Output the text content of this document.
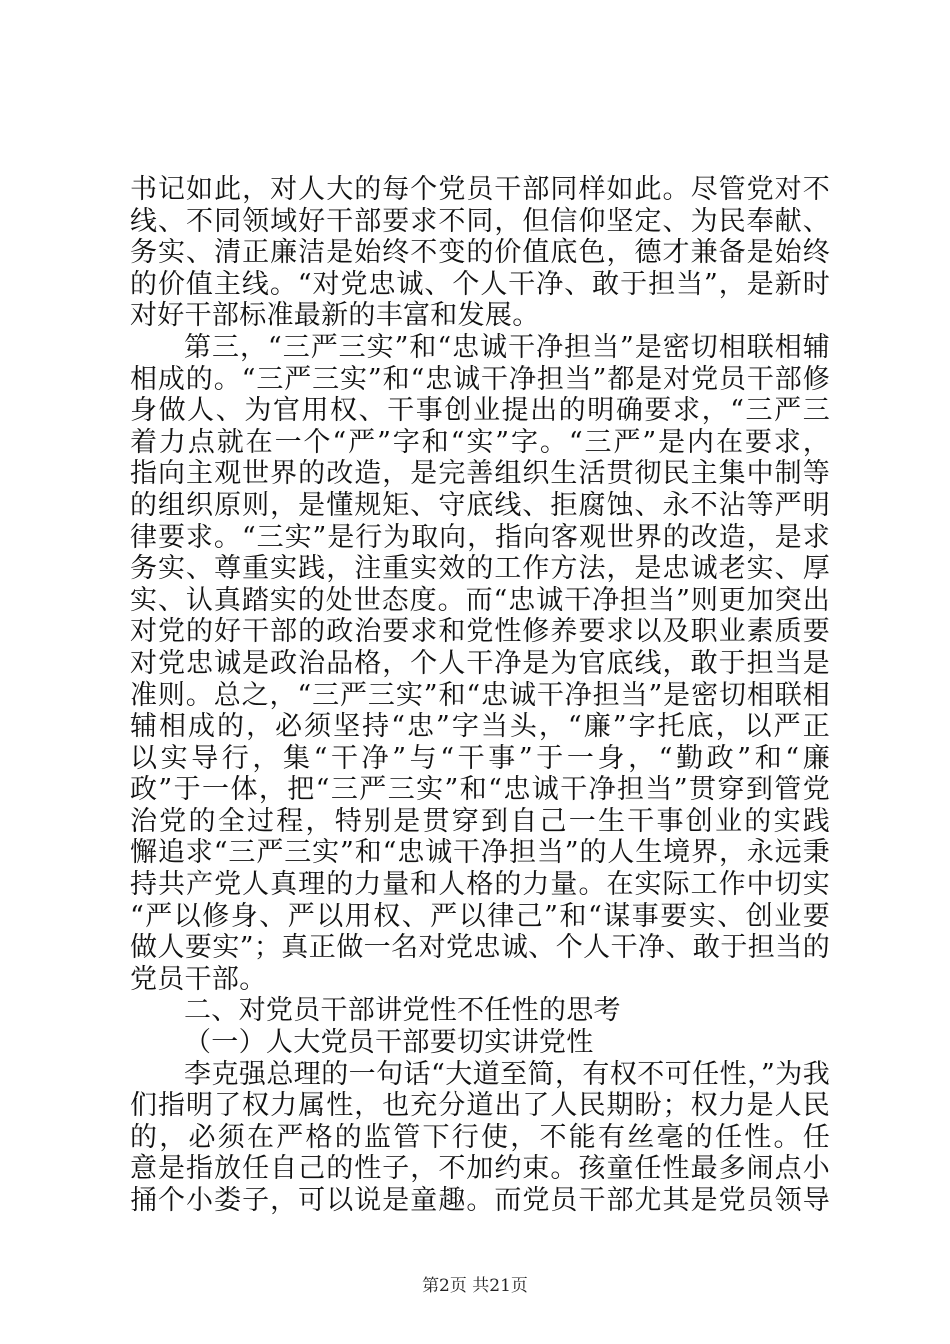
书记如此，对人大的每个党员干部同样如此。尽管党对不
线、不同领域好干部要求不同，但信仰坚定、为民奉献、
务实、清正廉洁是始终不变的价值底色，德才兼备是始终
的价值主线。“对党忠诚、个人干净、敢于担当”，是新时
对好干部标准最新的丰富和发展。
第三，“三严三实”和“忠诚干净担当”是密切相联相辅
相成的。“三严三实”和“忠诚干净担当”都是对党员干部修
身做人、为官用权、干事创业提出的明确要求，“三严三
着力点就在一个“严”字和“实”字。“三严”是内在要求，
指向主观世界的改造，是完善组织生活贯彻民主集中制等
的组织原则，是懂规矩、守底线、拒腐蚀、永不沾等严明
律要求。“三实”是行为取向，指向客观世界的改造，是求
务实、尊重实践，注重实效的工作方法，是忠诚老实、厚
实、认真踏实的处世态度。而“忠诚干净担当”则更加突出
对党的好干部的政治要求和党性修养要求以及职业素质要
对党忠诚是政治品格，个人干净是为官底线，敢于担当是
准则。总之，“三严三实”和“忠诚干净担当”是密切相联相
辅相成的，必须坚持“忠”字当头，“廉”字托底，以严正
以实导行，集“干净”与“干事”于一身，“勤政”和“廉
政”于一体，把“三严三实”和“忠诚干净担当”贯穿到管党
治党的全过程，特别是贯穿到自己一生干事创业的实践
懈追求“三严三实”和“忠诚干净担当”的人生境界，永远秉
持共产党人真理的力量和人格的力量。在实际工作中切实
“严以修身、严以用权、严以律己”和“谋事要实、创业要
做人要实”；真正做一名对党忠诚、个人干净、敢于担当的
党员干部。
二、对党员干部讲党性不任性的思考
（一）人大党员干部要切实讲党性
李克强总理的一句话“大道至简，有权不可任性，”为我
们指明了权力属性，也充分道出了人民期盼；权力是人民
的，必须在严格的监管下行使，不能有丝毫的任性。任
意是指放任自己的性子，不加约束。孩童任性最多闹点小
捅个小娄子，可以说是童趣。而党员干部尤其是党员领导
第2页 共21页
